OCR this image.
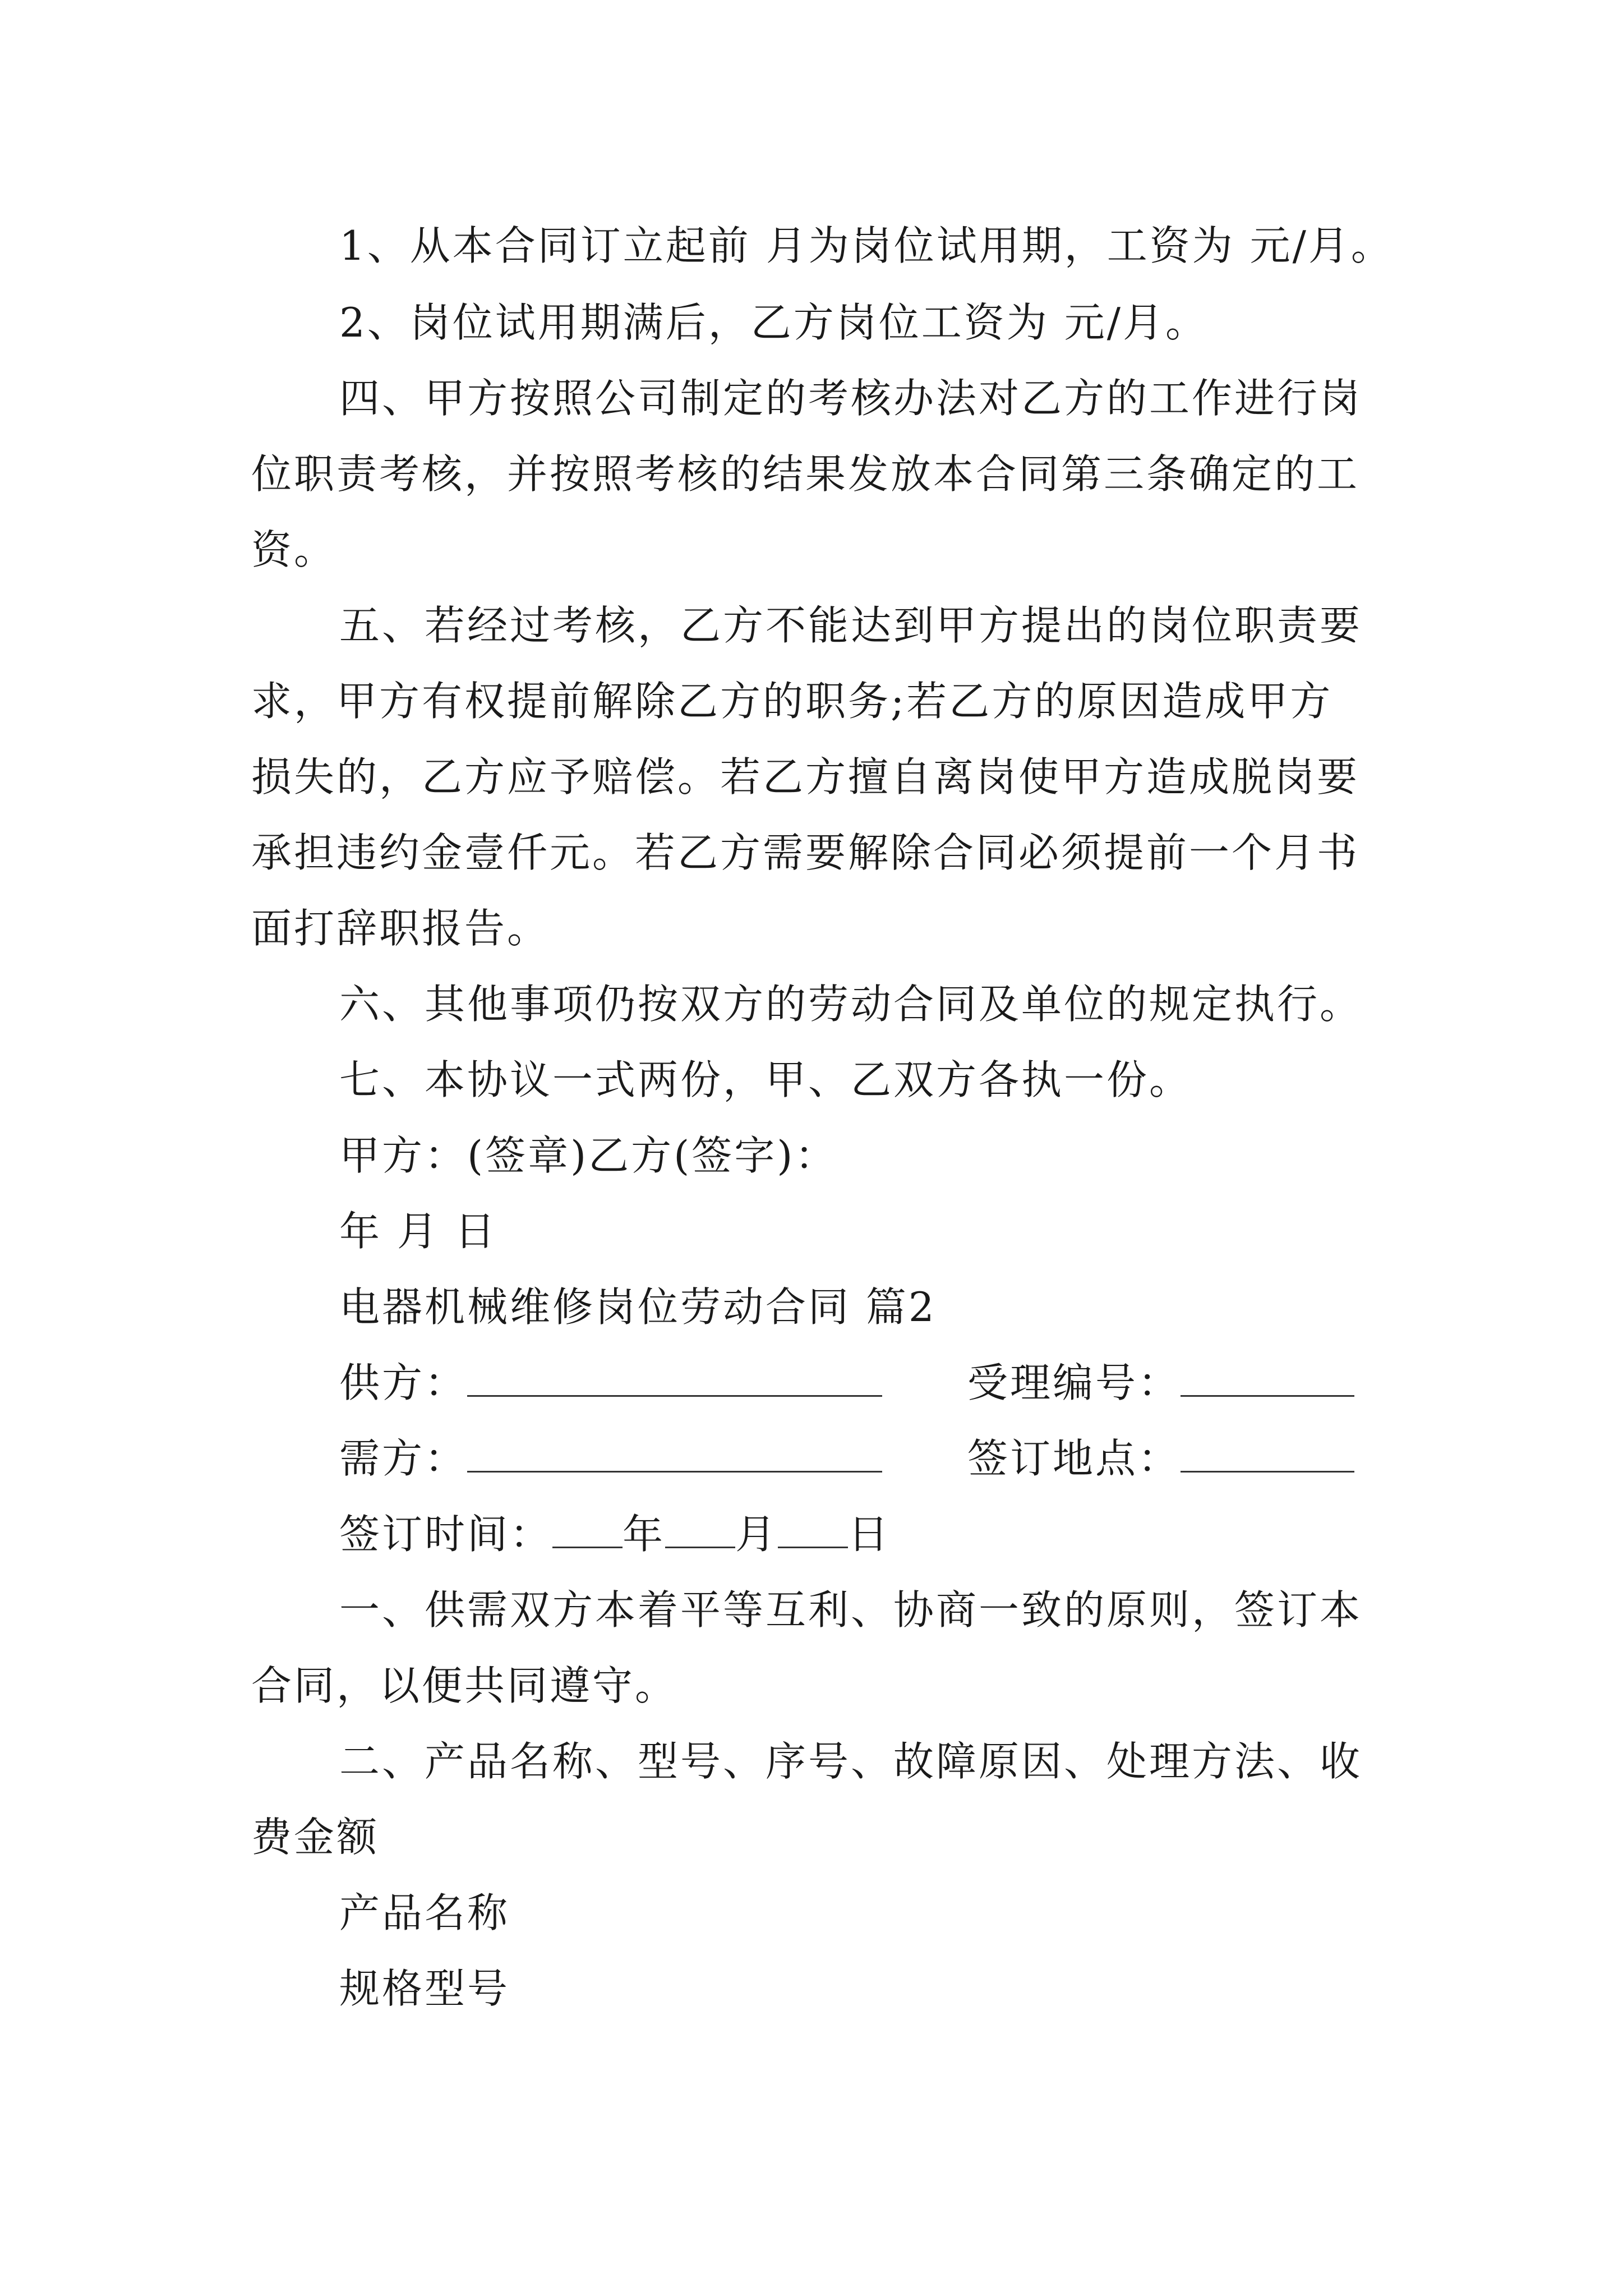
1、从本合同订立起前 月为岗位试用期，工资为 元/月。
2、岗位试用期满后，乙方岗位工资为 元/月。
四、甲方按照公司制定的考核办法对乙方的工作进行岗
位职责考核，并按照考核的结果发放本合同第三条确定的工
资。
五、若经过考核，乙方不能达到甲方提出的岗位职责要
求，甲方有权提前解除乙方的职务;若乙方的原因造成甲方
损失的，乙方应予赔偿。若乙方擅自离岗使甲方造成脱岗要
承担违约金壹仟元。若乙方需要解除合同必须提前一个月书
面打辞职报告。
六、其他事项仍按双方的劳动合同及单位的规定执行。
七、本协议一式两份，甲、乙双方各执一份。
甲方：(签章)乙方(签字)：
年 月 日
电器机械维修岗位劳动合同 篇2
供方：	受理编号：
需方：	签订地点：
签订时间： 年 月 日
一、供需双方本着平等互利、协商一致的原则，签订本
合同，以便共同遵守。
二、产品名称、型号、序号、故障原因、处理方法、收
费金额
产品名称
规格型号
